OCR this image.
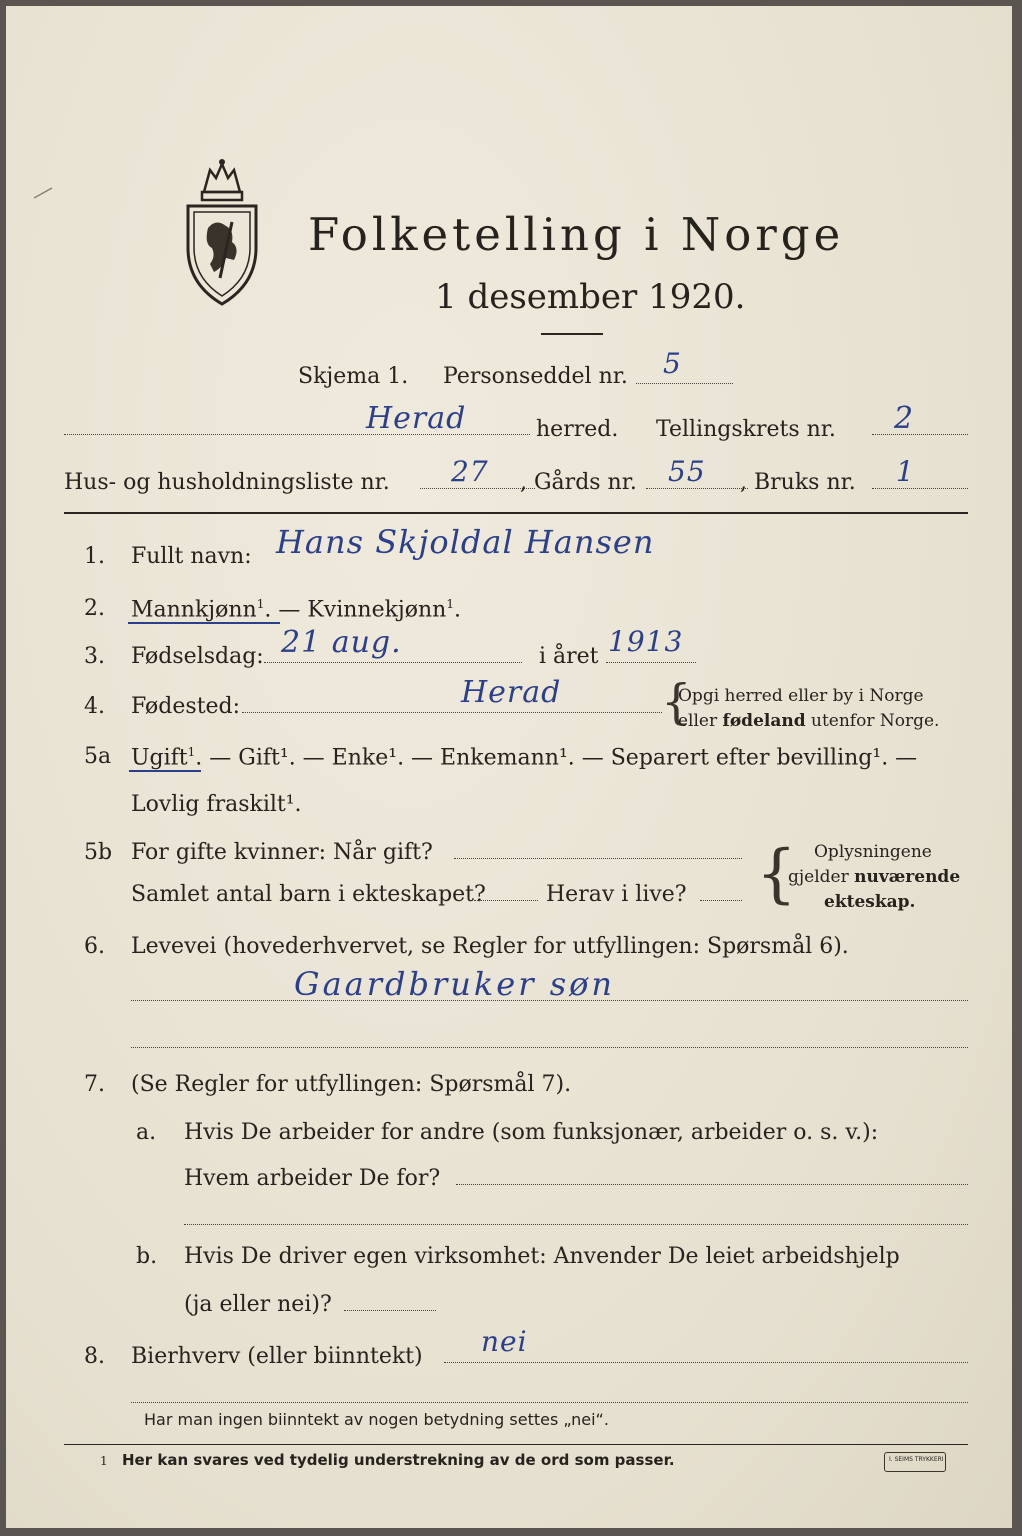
Folketelling i Norge
1 desember 1920.
Skjema 1. Personseddel nr. 5
Herad	herred. Tellingskrets nr. 2
Hus- og husholdningsliste nr. 27 , Gårds nr. 55 , Bruks nr. 1
1. Fullt navn: Hans Skjoldal Hansen
2. Mannkjønn$^1$. — Kvinnekjønn$^1$.
3. Fødselsdag: 21 aug.	i året 1913
4. Fødested:	Herad {
Opgi herred eller by i Norge
eller fødeland utenfor Norge.
5a Ugift$^1$. — Gift¹. — Enke¹. — Enkemann¹. — Separert efter bevilling¹. —
Lovlig fraskilt¹.
5b For gifte kvinner: Når gift?
Samlet antal barn i ekteskapet?	Herav i live? { Oplysningene
gjelder nuværende
ekteskap.
6. Levevei (hovederhvervet, se Regler for utfyllingen: Spørsmål 6).
Gaardbruker søn
7. (Se Regler for utfyllingen: Spørsmål 7).
a. Hvis De arbeider for andre (som funksjonær, arbeider o. s. v.):
Hvem arbeider De for?
b. Hvis De driver egen virksomhet: Anvender De leiet arbeidshjelp
(ja eller nei)?
8. Bierhverv (eller biinntekt) nei
Har man ingen biinntekt av nogen betydning settes „nei“.
1 Her kan svares ved tydelig understrekning av de ord som passer.	I. SEIMS TRYKKERI
